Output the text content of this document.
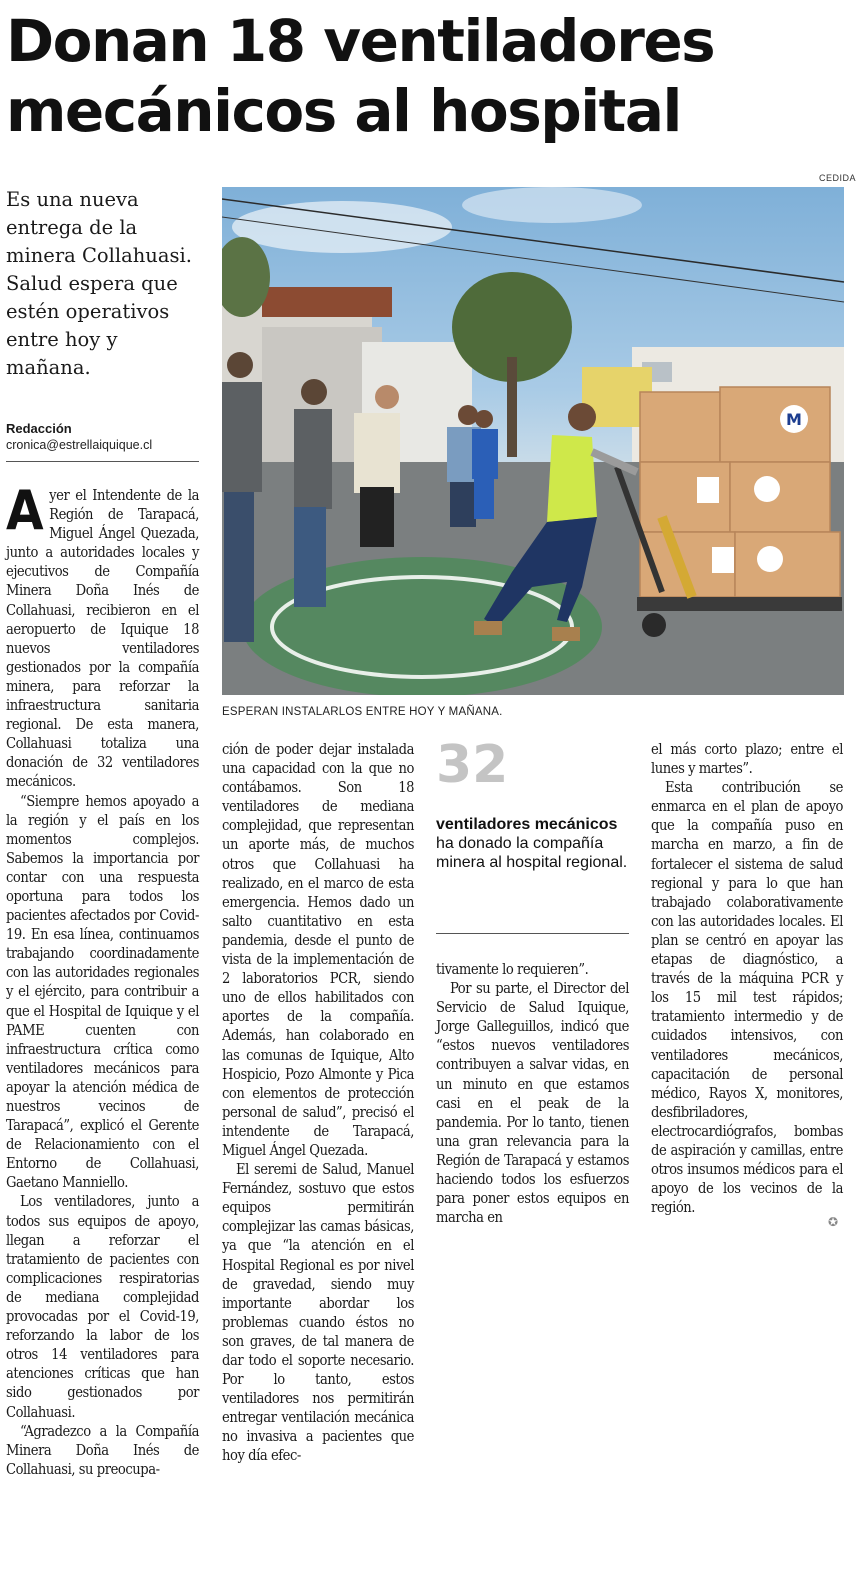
Donan 18 ventiladores mecánicos al hospital
CEDIDA
Es una nueva entrega de la minera Collahuasi. Salud espera que estén operativos entre hoy y mañana.
Redacción
cronica@estrellaiquique.cl
M
ESPERAN INSTALARLOS ENTRE HOY Y MAÑANA.

Ayer el Intendente de la Región de Tarapacá, Miguel Ángel Quezada, junto a autoridades locales y ejecutivos de Compañía Minera Doña Inés de Collahuasi, recibieron en el aeropuerto de Iquique 18 nuevos ventiladores gestionados por la compañía minera, para reforzar la infraestructura sanitaria regional. De esta manera, Collahuasi totaliza una donación de 32 ventiladores mecánicos.

“Siempre hemos apoyado a la región y el país en los momentos complejos. Sabemos la importancia por contar con una respuesta oportuna para todos los pacientes afectados por Covid-19. En esa línea, continuamos trabajando coordinadamente con las autoridades regionales y el ejército, para contribuir a que el Hospital de Iquique y el PAME cuenten con infraestructura crítica como ventiladores mecánicos para apoyar la atención médica de nuestros vecinos de Tarapacá”, explicó el Gerente de Relacionamiento con el Entorno de Collahuasi, Gaetano Manniello.

Los ventiladores, junto a todos sus equipos de apoyo, llegan a reforzar el tratamiento de pacientes con complicaciones respiratorias de mediana complejidad provocadas por el Covid-19, reforzando la labor de los otros 14 ventiladores para atenciones críticas que han sido gestionados por Collahuasi.

“Agradezco a la Compañía Minera Doña Inés de Collahuasi, su preocupa-

ción de poder dejar instalada una capacidad con la que no contábamos. Son 18 ventiladores de mediana complejidad, que representan un aporte más, de muchos otros que Collahuasi ha realizado, en el marco de esta emergencia. Hemos dado un salto cuantitativo en esta pandemia, desde el punto de vista de la implementación de 2 laboratorios PCR, siendo uno de ellos habilitados con aportes de la compañía. Además, han colaborado en las comunas de Iquique, Alto Hospicio, Pozo Almonte y Pica con elementos de protección personal de salud”, precisó el intendente de Tarapacá, Miguel Ángel Quezada.

El seremi de Salud, Manuel Fernández, sostuvo que estos equipos permitirán complejizar las camas básicas, ya que “la atención en el Hospital Regional es por nivel de gravedad, siendo muy importante abordar los problemas cuando éstos no son graves, de tal manera de dar todo el soporte necesario. Por lo tanto, estos ventiladores nos permitirán entregar ventilación mecánica no invasiva a pacientes que hoy día efec-

32
ventiladores mecánicos
ha donado la compañía minera al hospital regional.

tivamente lo requieren”.

Por su parte, el Director del Servicio de Salud Iquique, Jorge Galleguillos, indicó que “estos nuevos ventiladores contribuyen a salvar vidas, en un minuto en que estamos casi en el peak de la pandemia. Por lo tanto, tienen una gran relevancia para la Región de Tarapacá y estamos haciendo todos los esfuerzos para poner estos equipos en marcha en

el más corto plazo; entre el lunes y martes”.

Esta contribución se enmarca en el plan de apoyo que la compañía puso en marcha en marzo, a fin de fortalecer el sistema de salud regional y para lo que han trabajado colaborativamente con las autoridades locales. El plan se centró en apoyar las etapas de diagnóstico, a través de la máquina PCR y los 15 mil test rápidos; tratamiento intermedio y de cuidados intensivos, con ventiladores mecánicos, capacitación de personal médico, Rayos X, monitores, desfibriladores, electrocardiógrafos, bombas de aspiración y camillas, entre otros insumos médicos para el apoyo de los vecinos de la región.

✪
